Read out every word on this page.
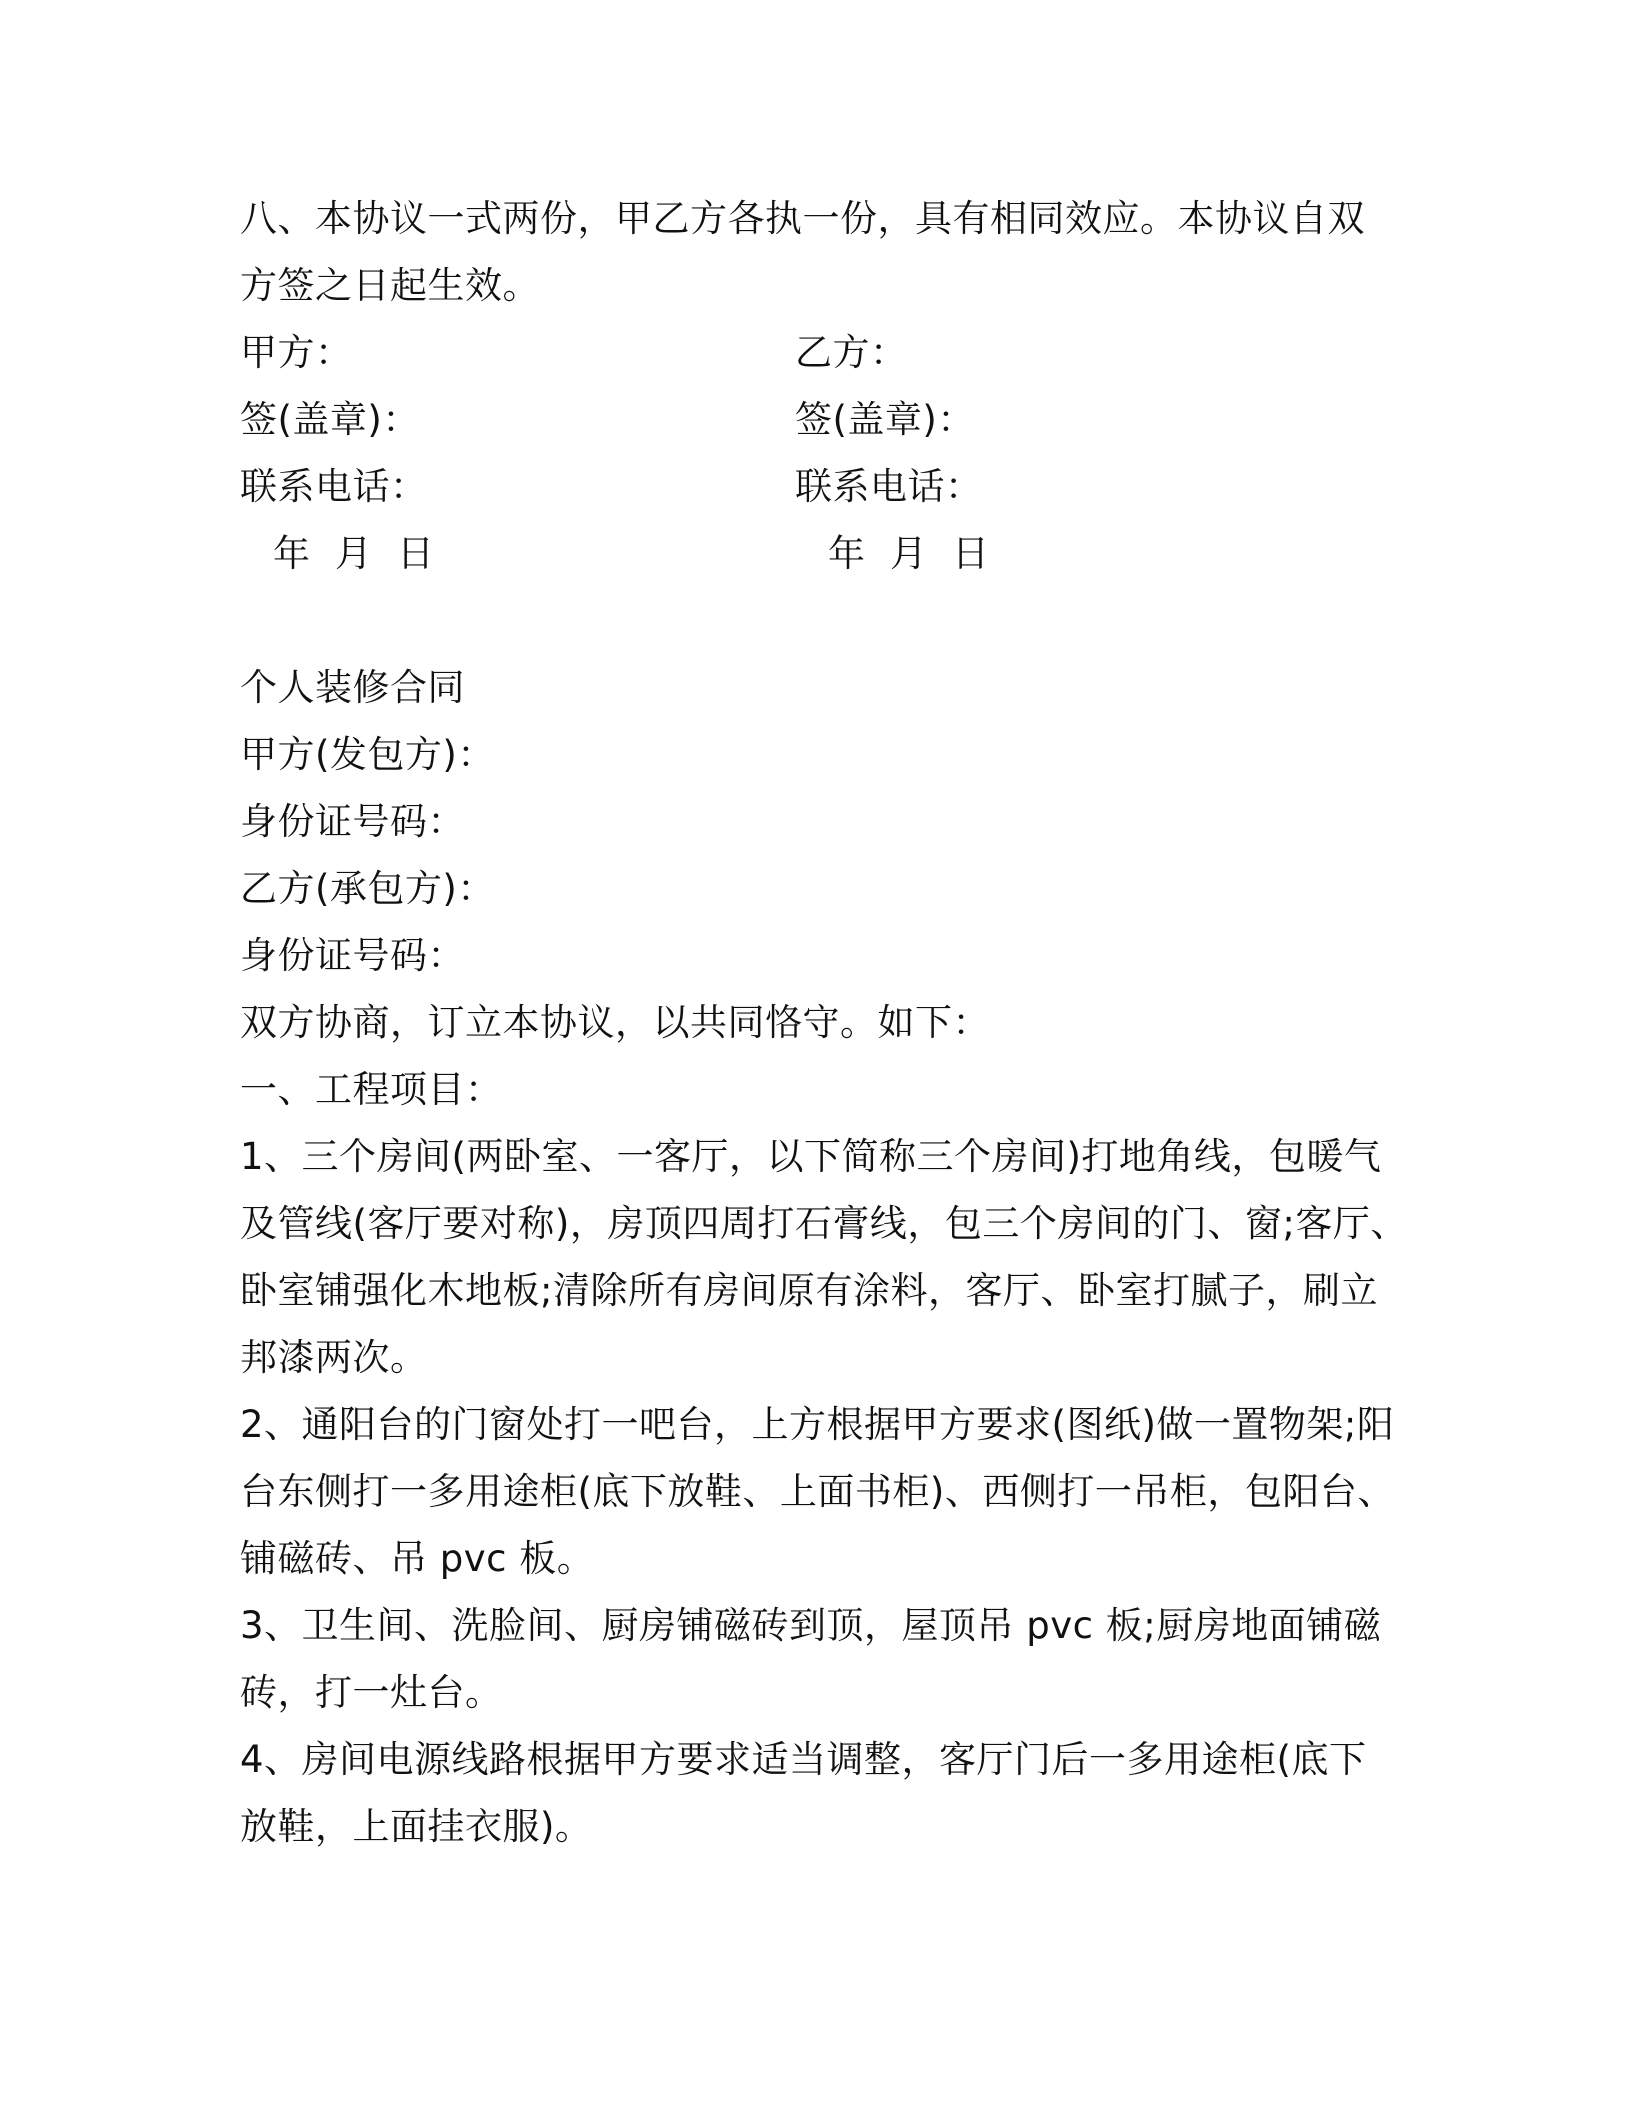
八、本协议一式两份，甲乙方各执一份，具有相同效应。本协议自双
方签之日起生效。
甲方：	乙方：
签(盖章)：	签(盖章)：
联系电话：	联系电话：
年  月  日	年  月  日
个人装修合同
甲方(发包方)：
身份证号码：
乙方(承包方)：
身份证号码：
双方协商，订立本协议，以共同恪守。如下：
一、工程项目：
1、三个房间(两卧室、一客厅，以下简称三个房间)打地角线，包暖气
及管线(客厅要对称)，房顶四周打石膏线，包三个房间的门、窗;客厅、
卧室铺强化木地板;清除所有房间原有涂料，客厅、卧室打腻子，刷立
邦漆两次。
2、通阳台的门窗处打一吧台，上方根据甲方要求(图纸)做一置物架;阳
台东侧打一多用途柜(底下放鞋、上面书柜)、西侧打一吊柜，包阳台、
铺磁砖、吊 pvc 板。
3、卫生间、洗脸间、厨房铺磁砖到顶，屋顶吊 pvc 板;厨房地面铺磁
砖，打一灶台。
4、房间电源线路根据甲方要求适当调整，客厅门后一多用途柜(底下
放鞋，上面挂衣服)。
